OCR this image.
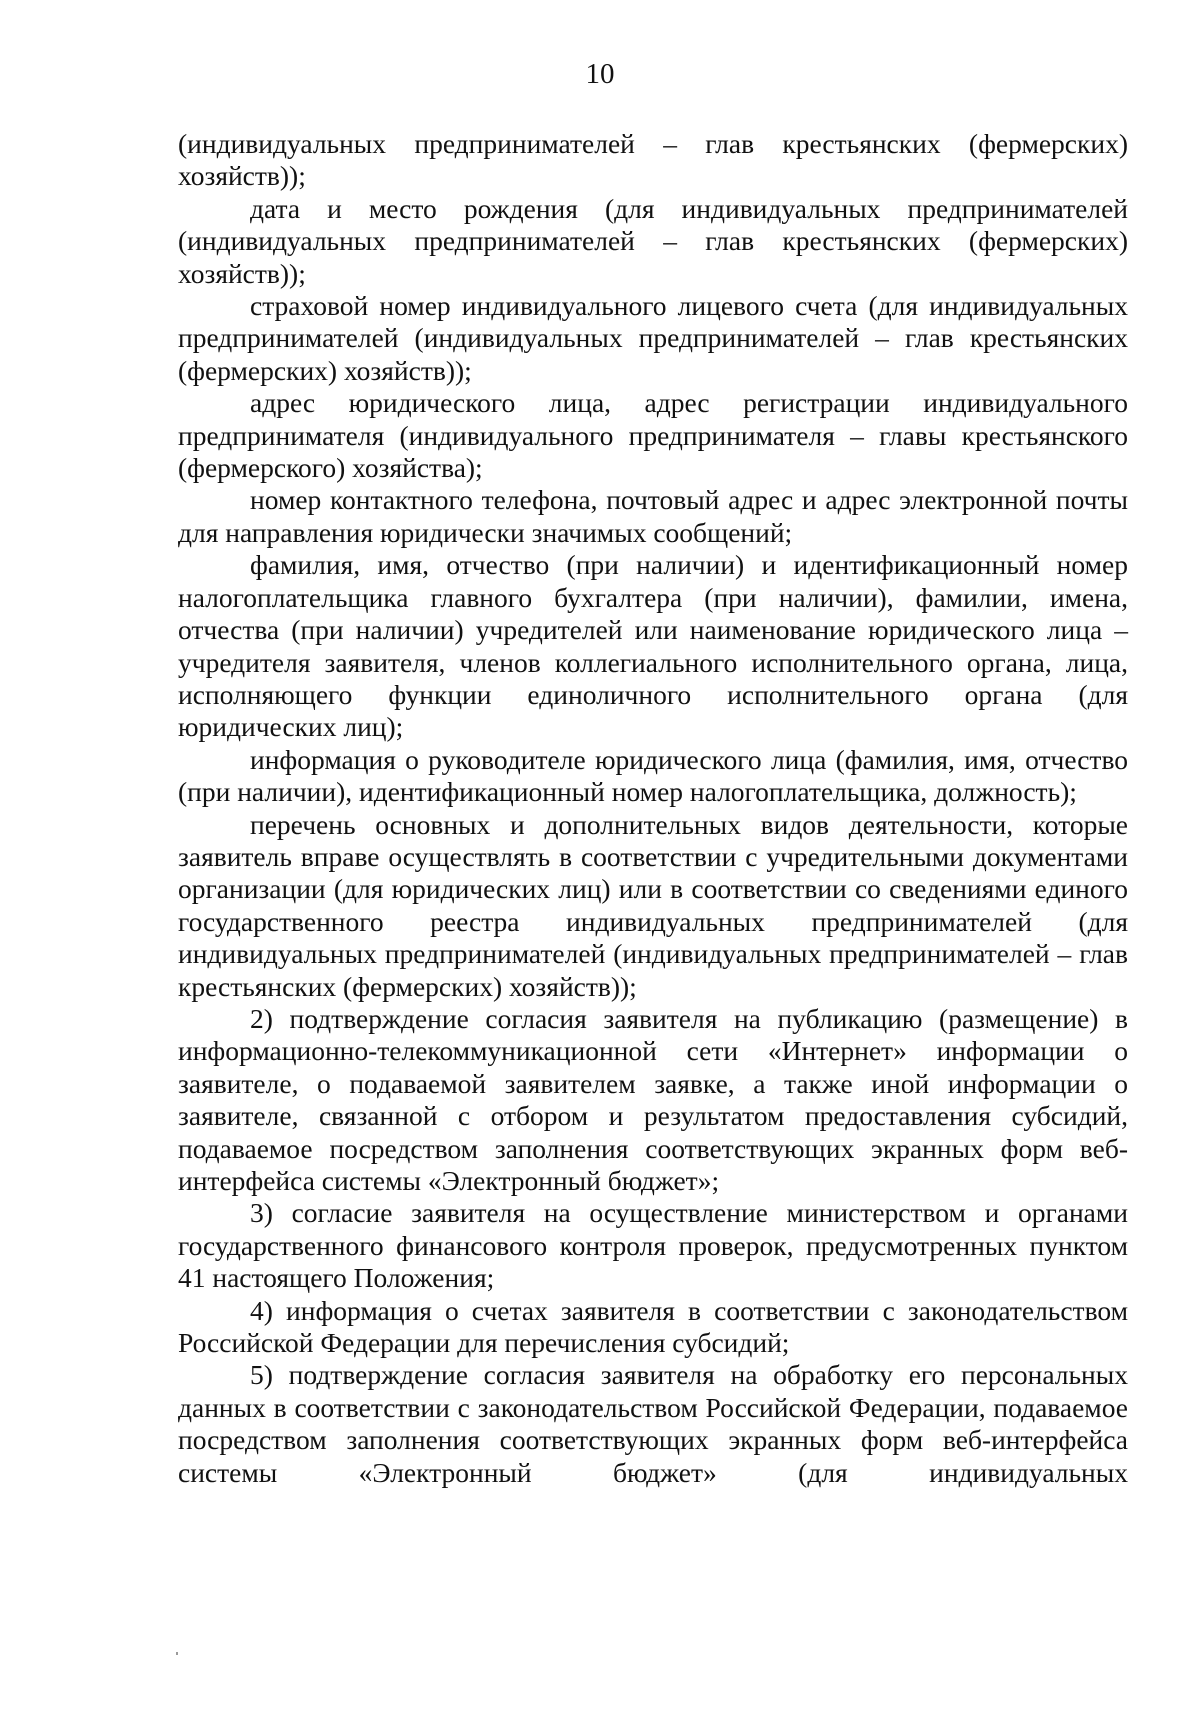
10

(индивидуальных предпринимателей – глав крестьянских (фермерских) хозяйств));

дата и место рождения (для индивидуальных предпринимателей (индивидуальных предпринимателей – глав крестьянских (фермерских) хозяйств));

страховой номер индивидуального лицевого счета (для индивидуальных предпринимателей (индивидуальных предпринимателей – глав крестьянских (фермерских) хозяйств));

адрес юридического лица, адрес регистрации индивидуального предпринимателя (индивидуального предпринимателя – главы крестьянского (фермерского) хозяйства);

номер контактного телефона, почтовый адрес и адрес электронной почты для направления юридически значимых сообщений;

фамилия, имя, отчество (при наличии) и идентификационный номер налогоплательщика главного бухгалтера (при наличии), фамилии, имена, отчества (при наличии) учредителей или наименование юридического лица – учредителя заявителя, членов коллегиального исполнительного органа, лица, исполняющего функции единоличного исполнительного органа (для юридических лиц);

информация о руководителе юридического лица (фамилия, имя, отчество (при наличии), идентификационный номер налогоплательщика, должность);

перечень основных и дополнительных видов деятельности, которые заявитель вправе осуществлять в соответствии с учредительными документами организации (для юридических лиц) или в соответствии со сведениями единого государственного реестра индивидуальных предпринимателей (для индивидуальных предпринимателей (индивидуальных предпринимателей – глав крестьянских (фермерских) хозяйств));

2) подтверждение согласия заявителя на публикацию (размещение) в информационно-телекоммуникационной сети «Интернет» информации о заявителе, о подаваемой заявителем заявке, а также иной информации о заявителе, связанной с отбором и результатом предоставления субсидий, подаваемое посредством заполнения соответствующих экранных форм веб-интерфейса системы «Электронный бюджет»;

3) согласие заявителя на осуществление министерством и органами государственного финансового контроля проверок, предусмотренных пунктом 41 настоящего Положения;

4) информация о счетах заявителя в соответствии с законодательством Российской Федерации для перечисления субсидий;

5) подтверждение согласия заявителя на обработку его персональных данных в соответствии с законодательством Российской Федерации, подаваемое посредством заполнения соответствующих экранных форм веб-интерфейса системы «Электронный бюджет» (для индивидуальных
